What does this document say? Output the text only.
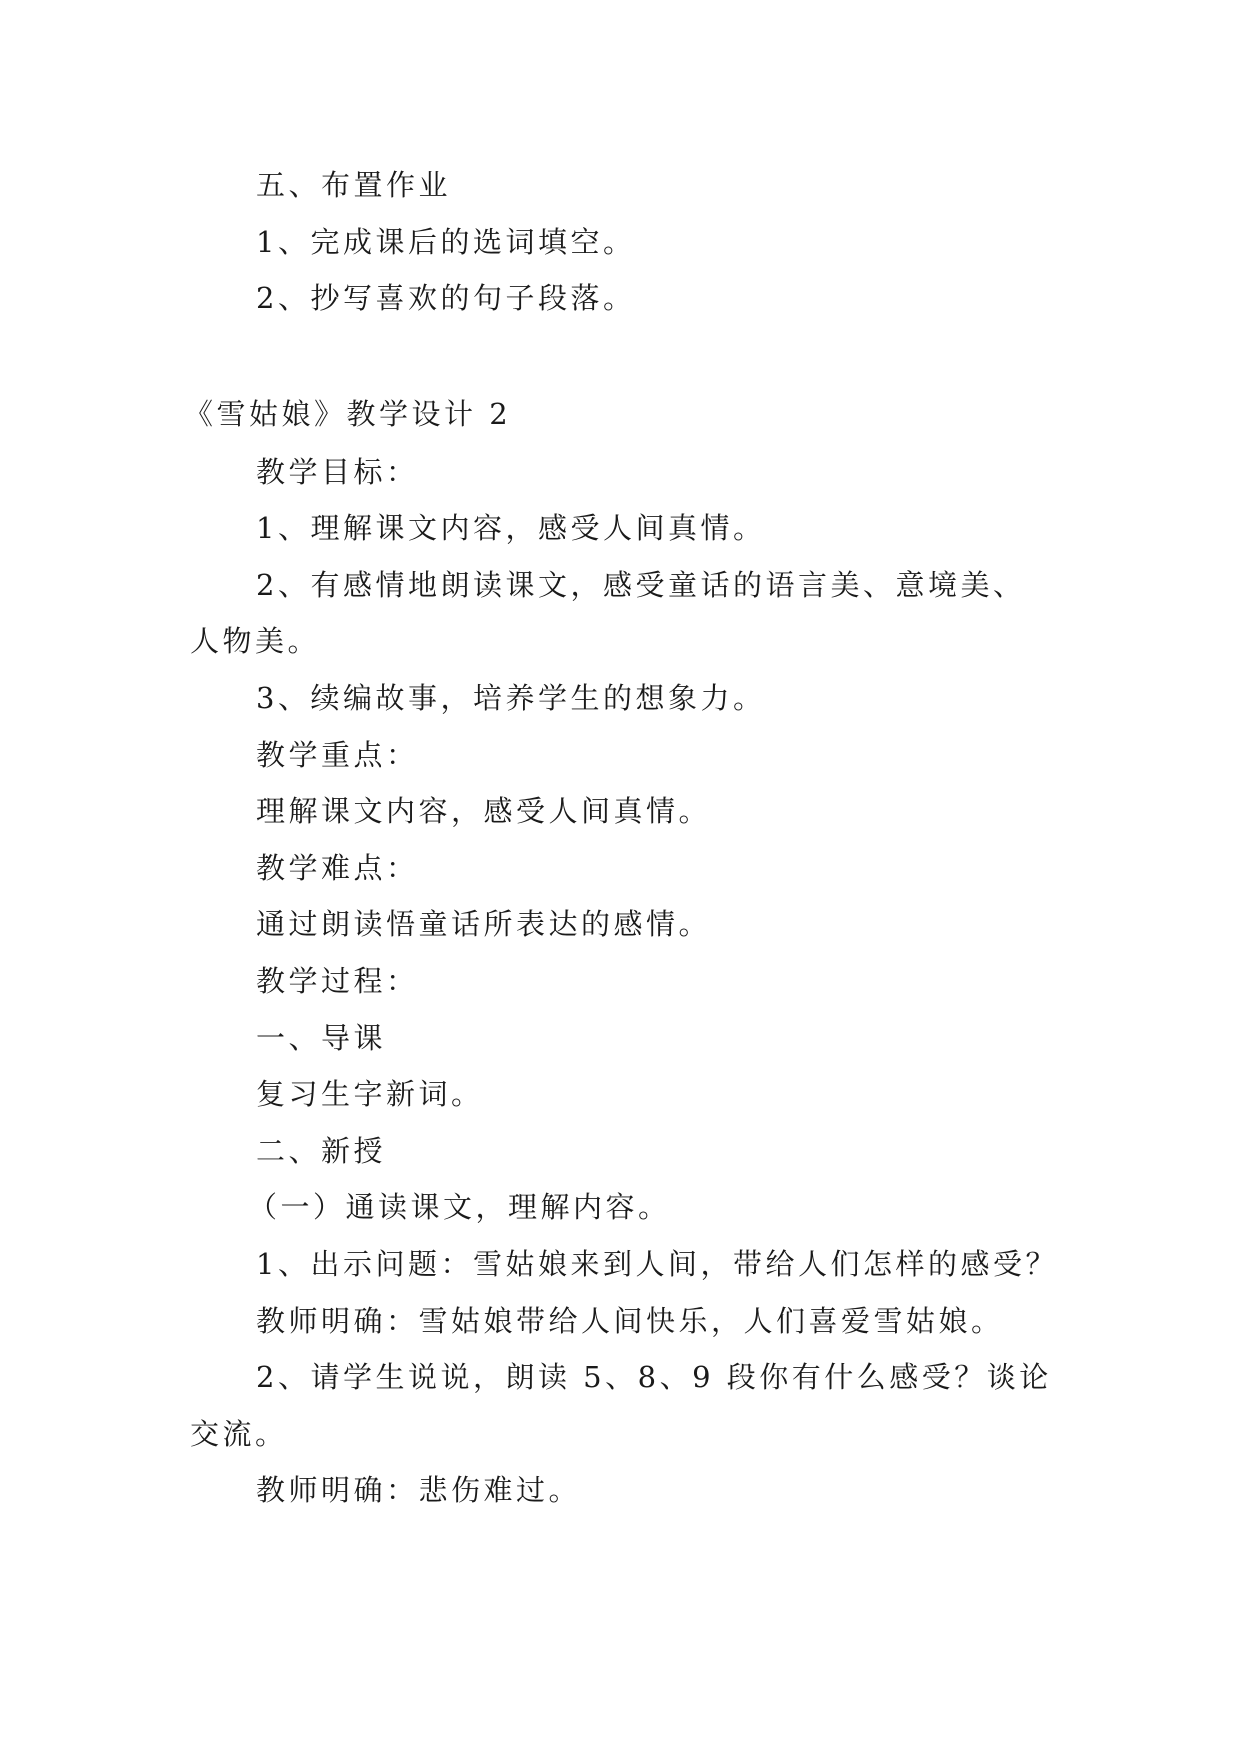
五、布置作业
1、完成课后的选词填空。
2、抄写喜欢的句子段落。
《雪姑娘》教学设计 2
教学目标：
1、理解课文内容，感受人间真情。
2、有感情地朗读课文，感受童话的语言美、意境美、
人物美。
3、续编故事，培养学生的想象力。
教学重点：
理解课文内容，感受人间真情。
教学难点：
通过朗读悟童话所表达的感情。
教学过程：
一、导课
复习生字新词。
二、新授
（一）通读课文，理解内容。
1、出示问题：雪姑娘来到人间，带给人们怎样的感受？
教师明确：雪姑娘带给人间快乐，人们喜爱雪姑娘。
2、请学生说说，朗读 5、8、9 段你有什么感受？谈论
交流。
教师明确：悲伤难过。
